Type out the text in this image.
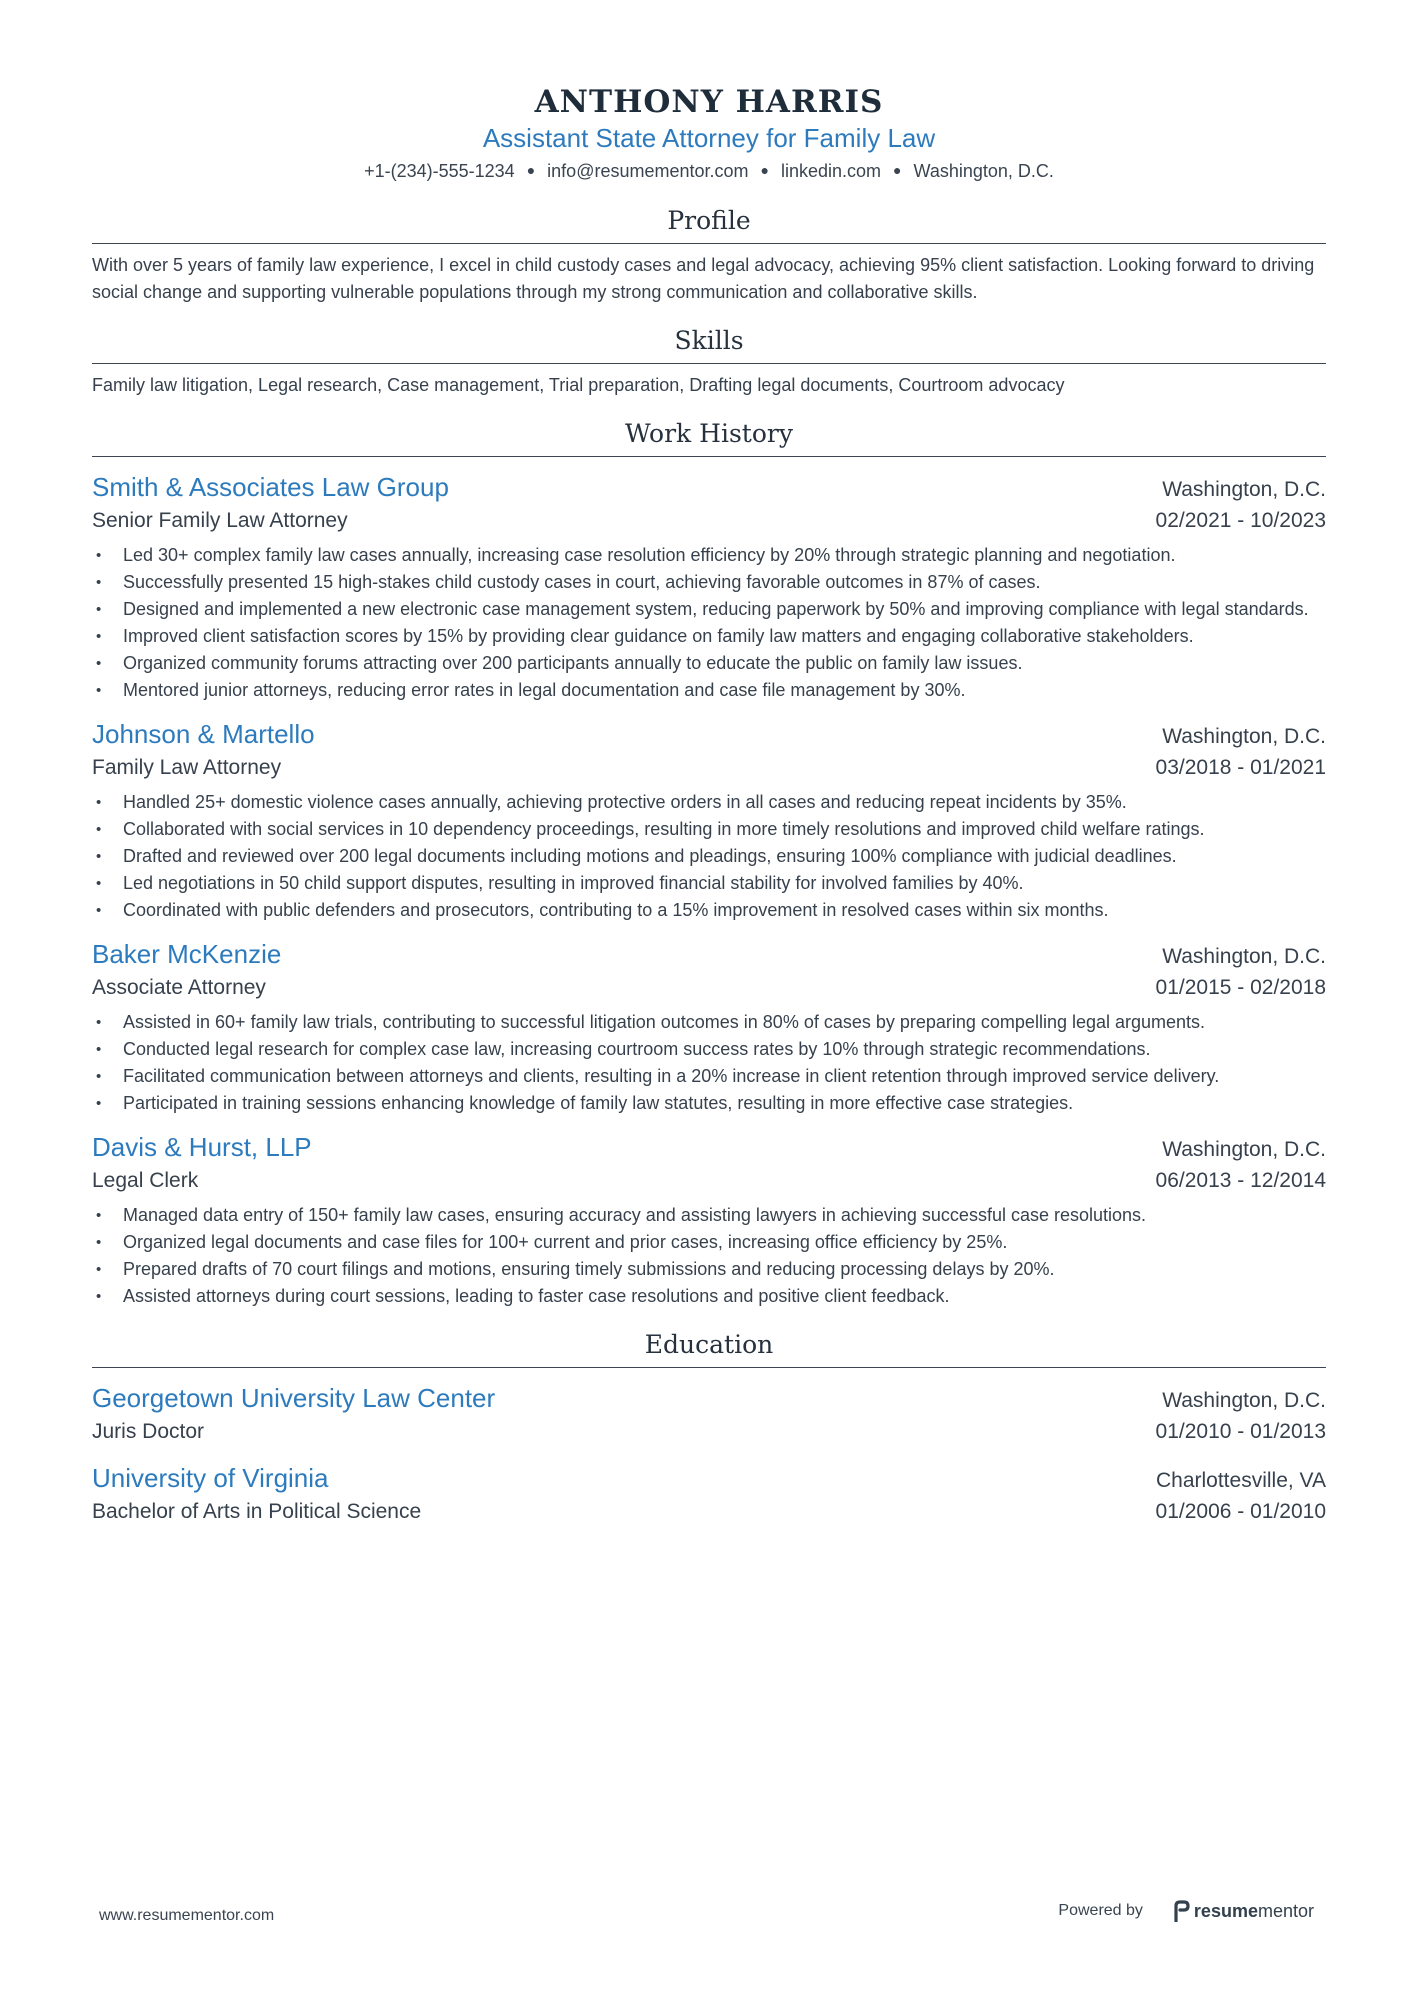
ANTHONY HARRIS
Assistant State Attorney for Family Law
+1-(234)-555-1234 ● info@resumementor.com ● linkedin.com ● Washington, D.C.
Profile
With over 5 years of family law experience, I excel in child custody cases and legal advocacy, achieving 95% client satisfaction. Looking forward to driving social change and supporting vulnerable populations through my strong communication and collaborative skills.
Skills
Family law litigation, Legal research, Case management, Trial preparation, Drafting legal documents, Courtroom advocacy
Work History
Smith & Associates Law Group	Washington, D.C.
Senior Family Law Attorney	02/2021 - 10/2023
• Led 30+ complex family law cases annually, increasing case resolution efficiency by 20% through strategic planning and negotiation.
• Successfully presented 15 high-stakes child custody cases in court, achieving favorable outcomes in 87% of cases.
• Designed and implemented a new electronic case management system, reducing paperwork by 50% and improving compliance with legal standards.
• Improved client satisfaction scores by 15% by providing clear guidance on family law matters and engaging collaborative stakeholders.
• Organized community forums attracting over 200 participants annually to educate the public on family law issues.
• Mentored junior attorneys, reducing error rates in legal documentation and case file management by 30%.
Johnson & Martello	Washington, D.C.
Family Law Attorney	03/2018 - 01/2021
• Handled 25+ domestic violence cases annually, achieving protective orders in all cases and reducing repeat incidents by 35%.
• Collaborated with social services in 10 dependency proceedings, resulting in more timely resolutions and improved child welfare ratings.
• Drafted and reviewed over 200 legal documents including motions and pleadings, ensuring 100% compliance with judicial deadlines.
• Led negotiations in 50 child support disputes, resulting in improved financial stability for involved families by 40%.
• Coordinated with public defenders and prosecutors, contributing to a 15% improvement in resolved cases within six months.
Baker McKenzie	Washington, D.C.
Associate Attorney	01/2015 - 02/2018
• Assisted in 60+ family law trials, contributing to successful litigation outcomes in 80% of cases by preparing compelling legal arguments.
• Conducted legal research for complex case law, increasing courtroom success rates by 10% through strategic recommendations.
• Facilitated communication between attorneys and clients, resulting in a 20% increase in client retention through improved service delivery.
• Participated in training sessions enhancing knowledge of family law statutes, resulting in more effective case strategies.
Davis & Hurst, LLP	Washington, D.C.
Legal Clerk	06/2013 - 12/2014
• Managed data entry of 150+ family law cases, ensuring accuracy and assisting lawyers in achieving successful case resolutions.
• Organized legal documents and case files for 100+ current and prior cases, increasing office efficiency by 25%.
• Prepared drafts of 70 court filings and motions, ensuring timely submissions and reducing processing delays by 20%.
• Assisted attorneys during court sessions, leading to faster case resolutions and positive client feedback.
Education
Georgetown University Law Center	Washington, D.C.
Juris Doctor	01/2010 - 01/2013
University of Virginia	Charlottesville, VA
Bachelor of Arts in Political Science	01/2006 - 01/2010
www.resumementor.com	Powered by	resume mentor
